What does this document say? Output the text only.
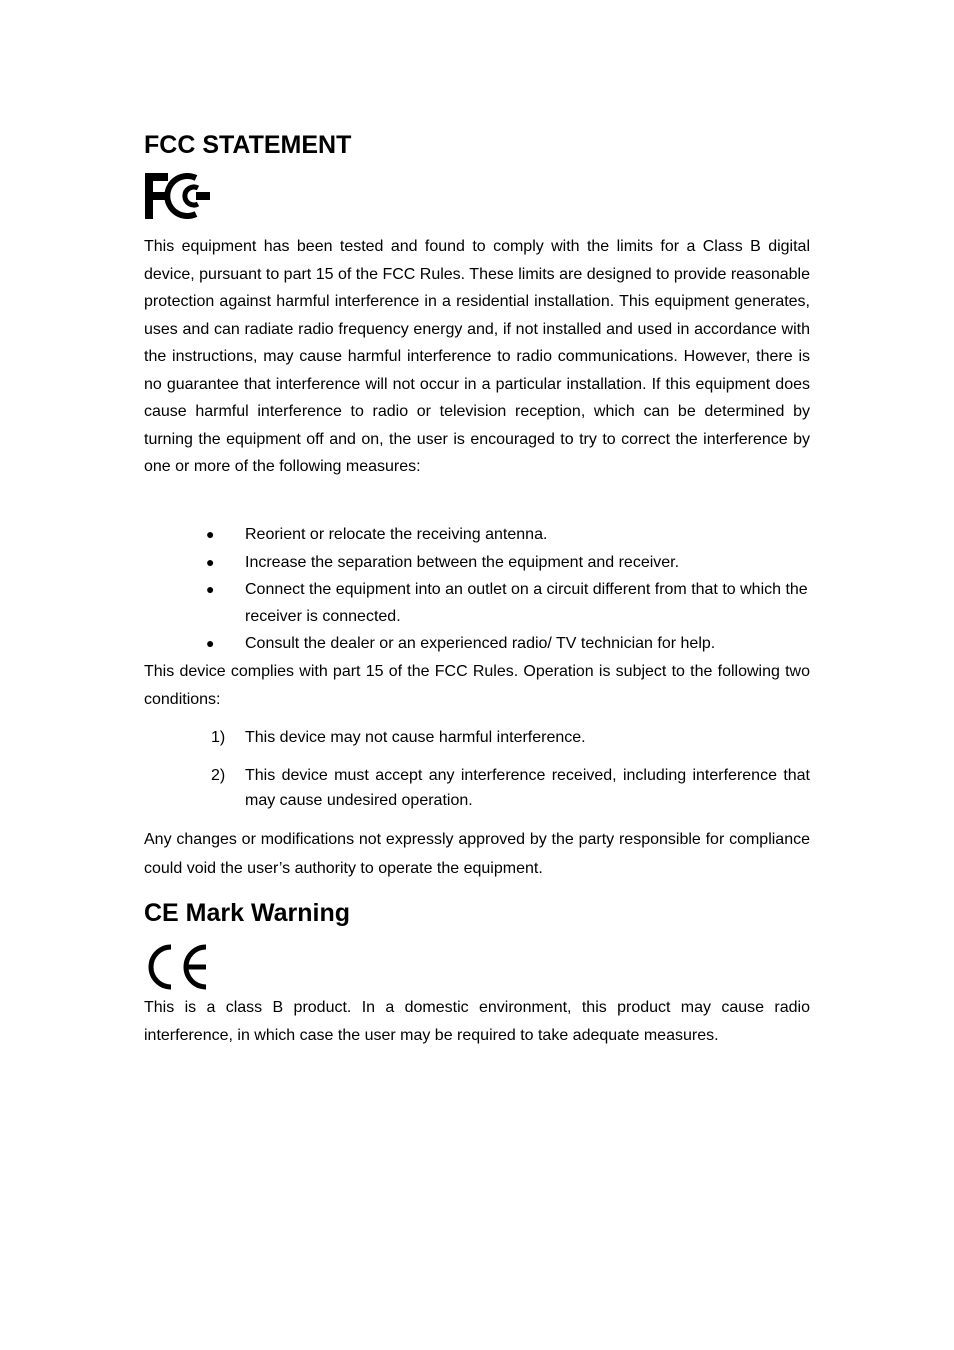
FCC STATEMENT

This equipment has been tested and found to comply with the limits for a Class B digital device, pursuant to part 15 of the FCC Rules. These limits are designed to provide reasonable protection against harmful interference in a residential installation. This equipment generates, uses and can radiate radio frequency energy and, if not installed and used in accordance with the instructions, may cause harmful interference to radio communications. However, there is no guarantee that interference will not occur in a particular installation. If this equipment does cause harmful interference to radio or television reception, which can be determined by turning the equipment off and on, the user is encouraged to try to correct the interference by one or more of the following measures:

● Reorient or relocate the receiving antenna.
● Increase the separation between the equipment and receiver.
● Connect the equipment into an outlet on a circuit different from that to which the receiver is connected.
● Consult the dealer or an experienced radio/ TV technician for help.

This device complies with part 15 of the FCC Rules. Operation is subject to the following two conditions:

1) This device may not cause harmful interference.
2) This device must accept any interference received, including interference that may cause undesired operation.

Any changes or modifications not expressly approved by the party responsible for compliance could void the user’s authority to operate the equipment.

CE Mark Warning

This is a class B product. In a domestic environment, this product may cause radio interference, in which case the user may be required to take adequate measures.
